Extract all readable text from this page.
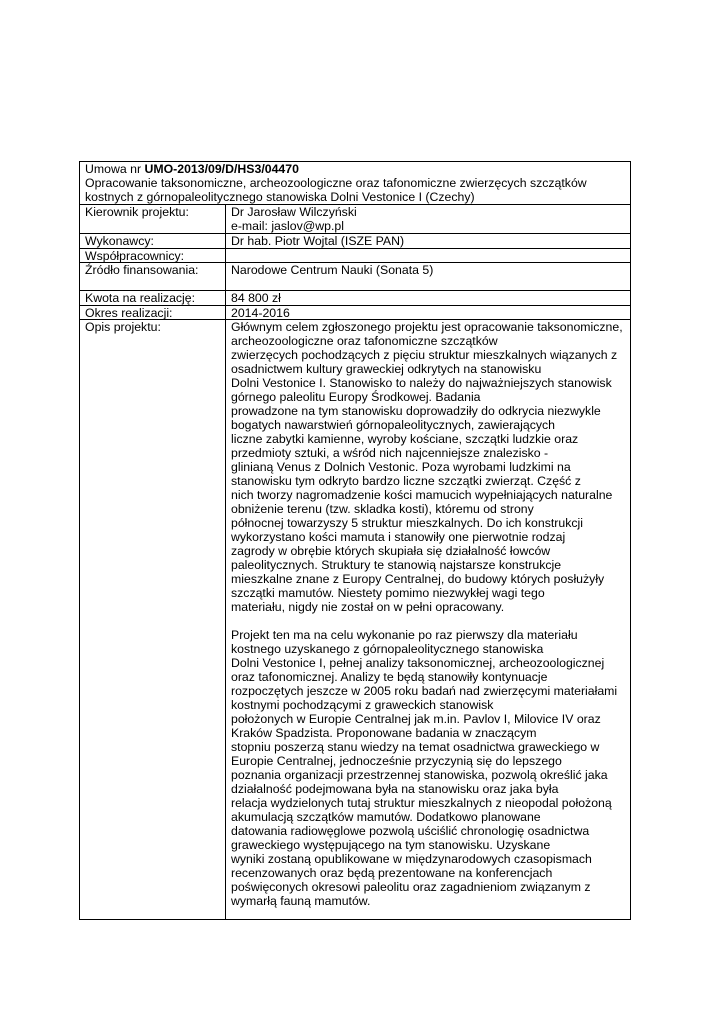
Umowa nr UMO-2013/09/D/HS3/04470
Opracowanie taksonomiczne, archeozoologiczne oraz tafonomiczne zwierzęcych szczątków
kostnych z górnopaleolitycznego stanowiska Dolni Vestonice I (Czechy)
Kierownik projektu:	Dr Jarosław Wilczyński
e-mail: jaslov@wp.pl
Wykonawcy:	Dr hab. Piotr Wojtal (ISZE PAN)
Współpracownicy:
Źródło finansowania:	Narodowe Centrum Nauki (Sonata 5)
Kwota na realizację:	84 800 zł
Okres realizacji:	2014-2016
Opis projektu:	Głównym celem zgłoszonego projektu jest opracowanie taksonomiczne,
archeozoologiczne oraz tafonomiczne szczątków
zwierzęcych pochodzących z pięciu struktur mieszkalnych wiązanych z
osadnictwem kultury graweckiej odkrytych na stanowisku
Dolni Vestonice I. Stanowisko to należy do najważniejszych stanowisk
górnego paleolitu Europy Środkowej. Badania
prowadzone na tym stanowisku doprowadziły do odkrycia niezwykle
bogatych nawarstwień górnopaleolitycznych, zawierających
liczne zabytki kamienne, wyroby kościane, szczątki ludzkie oraz
przedmioty sztuki, a wśród nich najcenniejsze znalezisko -
glinianą Venus z Dolnich Vestonic. Poza wyrobami ludzkimi na
stanowisku tym odkryto bardzo liczne szczątki zwierząt. Część z
nich tworzy nagromadzenie kości mamucich wypełniających naturalne
obniżenie terenu (tzw. skladka kosti), któremu od strony
północnej towarzyszy 5 struktur mieszkalnych. Do ich konstrukcji
wykorzystano kości mamuta i stanowiły one pierwotnie rodzaj
zagrody w obrębie których skupiała się działalność łowców
paleolitycznych. Struktury te stanowią najstarsze konstrukcje
mieszkalne znane z Europy Centralnej, do budowy których posłużyły
szczątki mamutów. Niestety pomimo niezwykłej wagi tego
materiału, nigdy nie został on w pełni opracowany.
Projekt ten ma na celu wykonanie po raz pierwszy dla materiału
kostnego uzyskanego z górnopaleolitycznego stanowiska
Dolni Vestonice I, pełnej analizy taksonomicznej, archeozoologicznej
oraz tafonomicznej. Analizy te będą stanowiły kontynuacje
rozpoczętych jeszcze w 2005 roku badań nad zwierzęcymi materiałami
kostnymi pochodzącymi z graweckich stanowisk
położonych w Europie Centralnej jak m.in. Pavlov I, Milovice IV oraz
Kraków Spadzista. Proponowane badania w znaczącym
stopniu poszerzą stanu wiedzy na temat osadnictwa graweckiego w
Europie Centralnej, jednocześnie przyczynią się do lepszego
poznania organizacji przestrzennej stanowiska, pozwolą określić jaka
działalność podejmowana była na stanowisku oraz jaka była
relacja wydzielonych tutaj struktur mieszkalnych z nieopodal położoną
akumulacją szczątków mamutów. Dodatkowo planowane
datowania radiowęglowe pozwolą uściślić chronologię osadnictwa
graweckiego występującego na tym stanowisku. Uzyskane
wyniki zostaną opublikowane w międzynarodowych czasopismach
recenzowanych oraz będą prezentowane na konferencjach
poświęconych okresowi paleolitu oraz zagadnieniom związanym z
wymarłą fauną mamutów.
